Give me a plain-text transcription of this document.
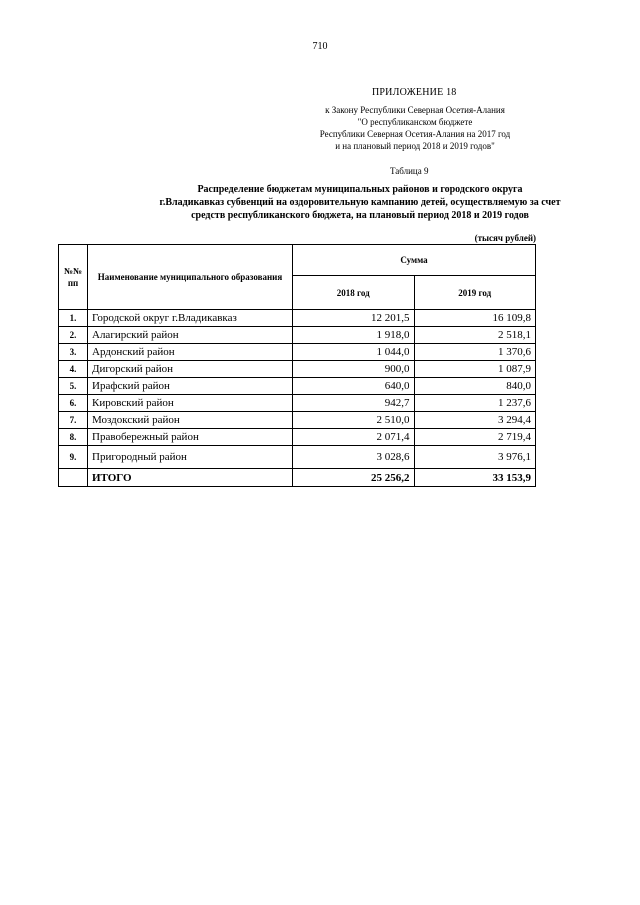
710
ПРИЛОЖЕНИЕ 18
к Закону Республики Северная Осетия-Алания
"О республиканском бюджете
Республики Северная Осетия-Алания на 2017 год
и на плановый период 2018 и 2019 годов"
Таблица 9
Распределение бюджетам муниципальных районов и городского округа
г.Владикавказ субвенций на оздоровительную кампанию детей, осуществляемую за счет
средств республиканского бюджета, на плановый период 2018 и 2019 годов
(тысяч рублей)
№№ пп	Наименование муниципального образования	Сумма	
		2018 год	2019 год
1.	Городской округ г.Владикавказ	12 201,5	16 109,8
2.	Алагирский район	1 918,0	2 518,1
3.	Ардонский район	1 044,0	1 370,6
4.	Дигорский район	900,0	1 087,9
5.	Ирафский район	640,0	840,0
6.	Кировский район	942,7	1 237,6
7.	Моздокский район	2 510,0	3 294,4
8.	Правобережный район	2 071,4	2 719,4
9.	Пригородный район	3 028,6	3 976,1
	ИТОГО	25 256,2	33 153,9
